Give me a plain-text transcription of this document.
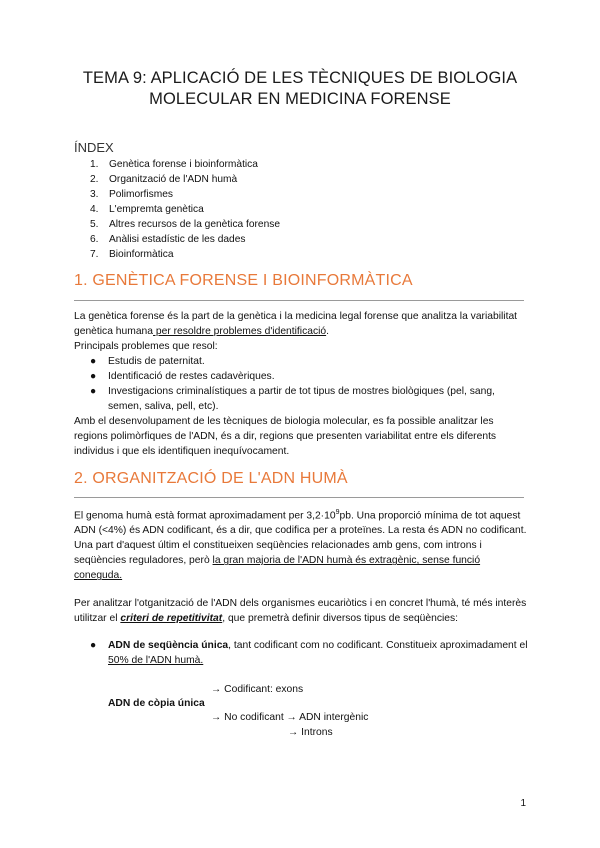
TEMA 9: APLICACIÓ DE LES TÈCNIQUES DE BIOLOGIA
MOLECULAR EN MEDICINA FORENSE
ÍNDEX
1.	Genètica forense i bioinformàtica
2.	Organització de l'ADN humà
3.	Polimorfismes
4.	L'empremta genètica
5.	Altres recursos de la genètica forense
6.	Anàlisi estadístic de les dades
7.	Bioinformàtica
1. GENÈTICA FORENSE I BIOINFORMÀTICA
La genètica forense és la part de la genètica i la medicina legal forense que analitza la variabilitat genètica humana per resoldre problemes d'identificació.
Principals problemes que resol:
●	Estudis de paternitat.
●	Identificació de restes cadavèriques.
●	Investigacions criminalístiques a partir de tot tipus de mostres biològiques (pel, sang, semen, saliva, pell, etc).
Amb el desenvolupament de les tècniques de biologia molecular, es fa possible analitzar les regions polimòrfiques de l'ADN, és a dir, regions que presenten variabilitat entre els diferents individus i que els identifiquen inequívocament.
2. ORGANITZACIÓ DE L'ADN HUMÀ
El genoma humà està format aproximadament per $3,2\cdot 10^9pb$. Una proporció mínima de tot aquest ADN (<4%) és ADN codificant, és a dir, que codifica per a proteïnes. La resta és ADN no codificant. Una part d'aquest últim el constitueixen seqüències relacionades amb gens, com introns i seqüències reguladores, però la gran majoria de l'ADN humà és extragènic, sense funció coneguda.
Per analitzar l'otganització de l'ADN dels organismes eucariòtics i en concret l'humà, té més interès utilitzar el criteri de repetitivitat, que premetrà definir diversos tipus de seqüències:
●	ADN de seqüència única, tant codificant com no codificant. Constitueix aproximadament el 50% de l'ADN humà.
→ Codificant: exons
ADN de còpia única
→ No codificant → ADN intergènic
→ Introns
1
